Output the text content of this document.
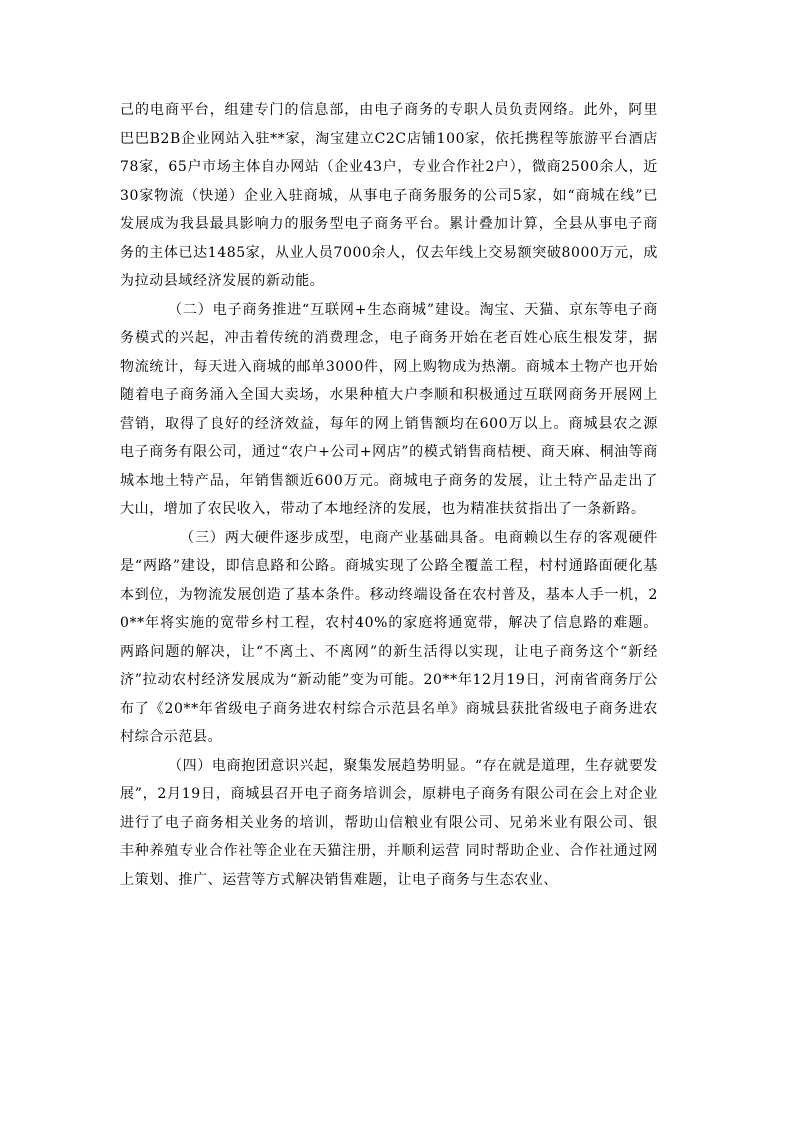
己的电商平台，组建专门的信息部，由电子商务的专职人员负责网络。此外，阿里巴巴B2B企业网站入驻**家，淘宝建立C2C店铺100家，依托携程等旅游平台酒店78家，65户市场主体自办网站（企业43户，专业合作社2户），微商2500余人，近30家物流（快递）企业入驻商城，从事电子商务服务的公司5家，如“商城在线”已发展成为我县最具影响力的服务型电子商务平台。累计叠加计算，全县从事电子商务的主体已达1485家，从业人员7000余人，仅去年线上交易额突破8000万元，成为拉动县域经济发展的新动能。

（二）电子商务推进“互联网+生态商城”建设。淘宝、天猫、京东等电子商务模式的兴起，冲击着传统的消费理念，电子商务开始在老百姓心底生根发芽，据物流统计，每天进入商城的邮单3000件，网上购物成为热潮。商城本土物产也开始随着电子商务涌入全国大卖场，水果种植大户李顺和积极通过互联网商务开展网上营销，取得了良好的经济效益，每年的网上销售额均在600万以上。商城县农之源电子商务有限公司，通过“农户+公司+网店”的模式销售商桔梗、商天麻、桐油等商城本地土特产品，年销售额近600万元。商城电子商务的发展，让土特产品走出了大山，增加了农民收入，带动了本地经济的发展，也为精准扶贫指出了一条新路。

（三）两大硬件逐步成型，电商产业基础具备。电商赖以生存的客观硬件是“两路”建设，即信息路和公路。商城实现了公路全覆盖工程，村村通路面硬化基本到位，为物流发展创造了基本条件。移动终端设备在农村普及，基本人手一机，20**年将实施的宽带乡村工程，农村40%的家庭将通宽带，解决了信息路的难题。两路问题的解决，让“不离土、不离网”的新生活得以实现，让电子商务这个“新经济”拉动农村经济发展成为“新动能”变为可能。20**年12月19日，河南省商务厅公布了《20**年省级电子商务进农村综合示范县名单》商城县获批省级电子商务进农村综合示范县。

（四）电商抱团意识兴起，聚集发展趋势明显。“存在就是道理，生存就要发展”，2月19日，商城县召开电子商务培训会，原耕电子商务有限公司在会上对企业进行了电子商务相关业务的培训，帮助山信粮业有限公司、兄弟米业有限公司、银丰种养殖专业合作社等企业在天猫注册，并顺利运营 同时帮助企业、合作社通过网上策划、推广、运营等方式解决销售难题，让电子商务与生态农业、
